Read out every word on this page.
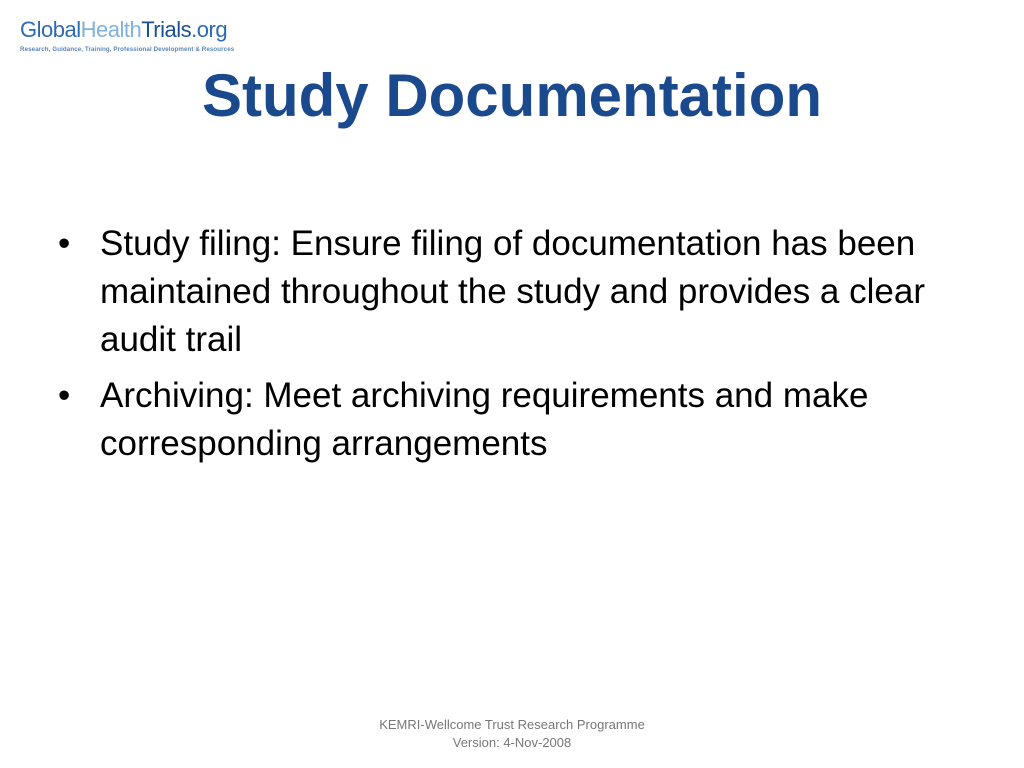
GlobalHealthTrials.org
Research, Guidance, Training, Professional Development & Resources
Study Documentation
• Study filing: Ensure filing of documentation has been maintained throughout the study and provides a clear audit trail
• Archiving: Meet archiving requirements and make corresponding arrangements
KEMRI-Wellcome Trust Research Programme
Version: 4-Nov-2008
